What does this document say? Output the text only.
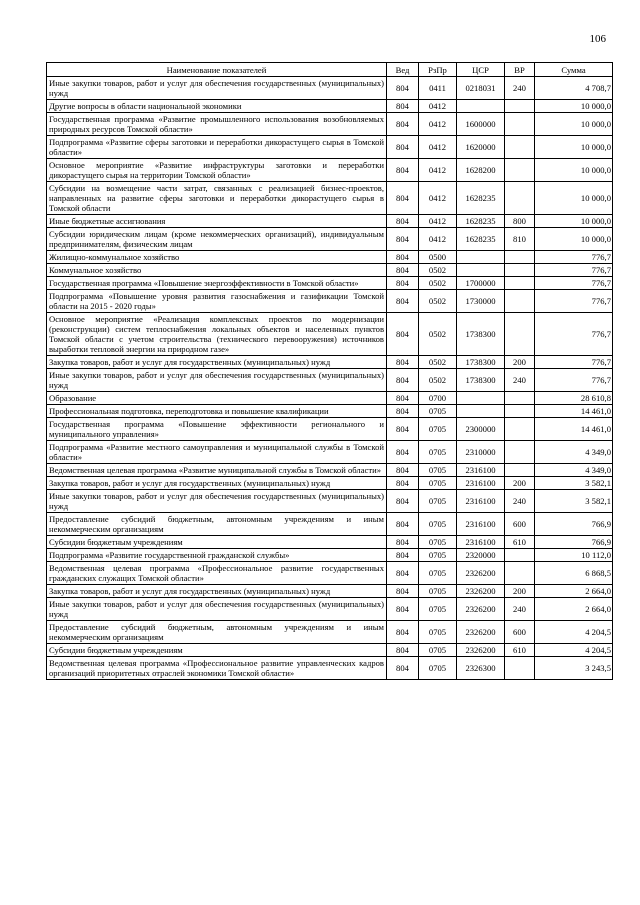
106
Наименование показателей	Вед	РзПр	ЦСР	ВР	Сумма
Иные закупки товаров, работ и услуг для обеспечения государственных (муниципальных) нужд	804	0411	0218031	240	4 708,7
Другие вопросы в области национальной экономики	804	0412			10 000,0
Государственная программа «Развитие промышленного использования возобновляемых природных ресурсов Томской области»	804	0412	1600000		10 000,0
Подпрограмма «Развитие сферы заготовки и переработки дикорастущего сырья в Томской области»	804	0412	1620000		10 000,0
Основное мероприятие «Развитие инфраструктуры заготовки и переработки дикорастущего сырья на территории Томской области»	804	0412	1628200		10 000,0
Субсидии на возмещение части затрат, связанных с реализацией бизнес-проектов, направленных на развитие сферы заготовки и переработки дикорастущего сырья в Томской области	804	0412	1628235		10 000,0
Иные бюджетные ассигнования	804	0412	1628235	800	10 000,0
Субсидии юридическим лицам (кроме некоммерческих организаций), индивидуальным предпринимателям, физическим лицам	804	0412	1628235	810	10 000,0
Жилищно-коммунальное хозяйство	804	0500			776,7
Коммунальное хозяйство	804	0502			776,7
Государственная программа «Повышение энергоэффективности в Томской области»	804	0502	1700000		776,7
Подпрограмма «Повышение уровня развития газоснабжения и газификации Томской области на 2015 - 2020 годы»	804	0502	1730000		776,7
Основное мероприятие «Реализация комплексных проектов по модернизации (реконструкции) систем теплоснабжения локальных объектов и населенных пунктов Томской области с учетом строительства (технического перевооружения) источников выработки тепловой энергии на природном газе»	804	0502	1738300		776,7
Закупка товаров, работ и услуг для государственных (муниципальных) нужд	804	0502	1738300	200	776,7
Иные закупки товаров, работ и услуг для обеспечения государственных (муниципальных) нужд	804	0502	1738300	240	776,7
Образование	804	0700			28 610,8
Профессиональная подготовка, переподготовка и повышение квалификации	804	0705			14 461,0
Государственная программа «Повышение эффективности регионального и муниципального управления»	804	0705	2300000		14 461,0
Подпрограмма «Развитие местного самоуправления и муниципальной службы в Томской области»	804	0705	2310000		4 349,0
Ведомственная целевая программа «Развитие муниципальной службы в Томской области»	804	0705	2316100		4 349,0
Закупка товаров, работ и услуг для государственных (муниципальных) нужд	804	0705	2316100	200	3 582,1
Иные закупки товаров, работ и услуг для обеспечения государственных (муниципальных) нужд	804	0705	2316100	240	3 582,1
Предоставление субсидий бюджетным, автономным учреждениям и иным некоммерческим организациям	804	0705	2316100	600	766,9
Субсидии бюджетным учреждениям	804	0705	2316100	610	766,9
Подпрограмма «Развитие государственной гражданской службы»	804	0705	2320000		10 112,0
Ведомственная целевая программа «Профессиональное развитие государственных гражданских служащих Томской области»	804	0705	2326200		6 868,5
Закупка товаров, работ и услуг для государственных (муниципальных) нужд	804	0705	2326200	200	2 664,0
Иные закупки товаров, работ и услуг для обеспечения государственных (муниципальных) нужд	804	0705	2326200	240	2 664,0
Предоставление субсидий бюджетным, автономным учреждениям и иным некоммерческим организациям	804	0705	2326200	600	4 204,5
Субсидии бюджетным учреждениям	804	0705	2326200	610	4 204,5
Ведомственная целевая программа «Профессиональное развитие управленческих кадров организаций приоритетных отраслей экономики Томской области»	804	0705	2326300		3 243,5
